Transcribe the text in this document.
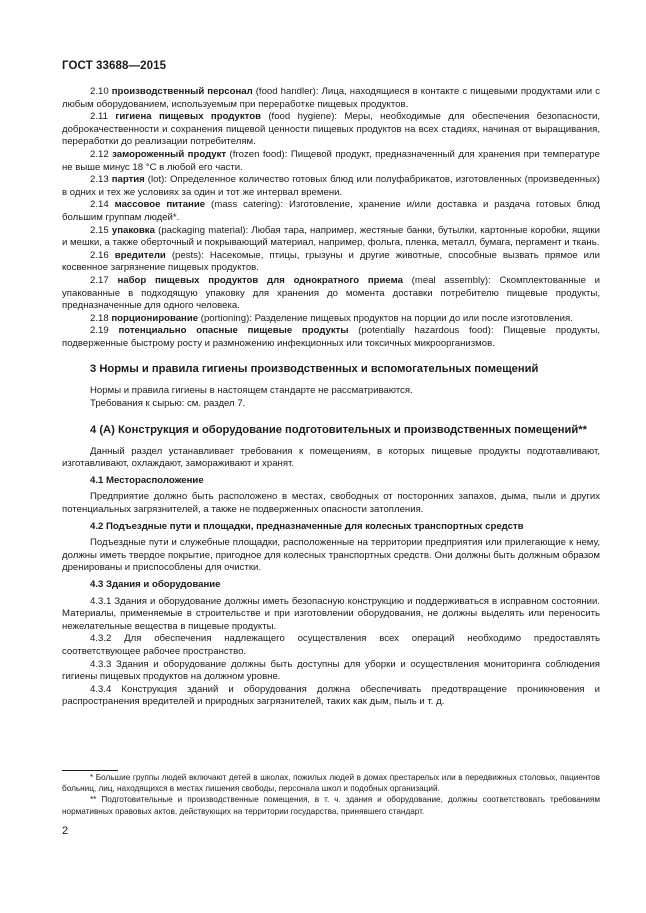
ГОСТ 33688—2015

2.10 производственный персонал (food handler): Лица, находящиеся в контакте с пищевыми продуктами или с любым оборудованием, используемым при переработке пищевых продуктов.

2.11 гигиена пищевых продуктов (food hygiene): Меры, необходимые для обеспечения безопасности, доброкачественности и сохранения пищевой ценности пищевых продуктов на всех стадиях, начиная от выращивания, переработки до реализации потребителям.

2.12 замороженный продукт (frozen food): Пищевой продукт, предназначенный для хранения при температуре не выше минус 18 °С в любой его части.

2.13 партия (lot): Определенное количество готовых блюд или полуфабрикатов, изготовленных (произведенных) в одних и тех же условиях за один и тот же интервал времени.

2.14 массовое питание (mass catering): Изготовление, хранение и/или доставка и раздача готовых блюд большим группам людей*.

2.15 упаковка (packaging material): Любая тара, например, жестяные банки, бутылки, картонные коробки, ящики и мешки, а также оберточный и покрывающий материал, например, фольга, пленка, металл, бумага, пергамент и ткань.

2.16 вредители (pests): Насекомые, птицы, грызуны и другие животные, способные вызвать прямое или косвенное загрязнение пищевых продуктов.

2.17 набор пищевых продуктов для однократного приема (meal assembly): Скомплектованные и упакованные в подходящую упаковку для хранения до момента доставки потребителю пищевые продукты, предназначенные для одного человека.

2.18 порционирование (portioning): Разделение пищевых продуктов на порции до или после изготовления.

2.19 потенциально опасные пищевые продукты (potentially hazardous food): Пищевые продукты, подверженные быстрому росту и размножению инфекционных или токсичных микроорганизмов.

3 Нормы и правила гигиены производственных и вспомогательных помещений

Нормы и правила гигиены в настоящем стандарте не рассматриваются.

Требования к сырью: см. раздел 7.

4 (А) Конструкция и оборудование подготовительных и производственных помещений**

Данный раздел устанавливает требования к помещениям, в которых пищевые продукты подготавливают, изготавливают, охлаждают, замораживают и хранят.

4.1 Месторасположение

Предприятие должно быть расположено в местах, свободных от посторонних запахов, дыма, пыли и других потенциальных загрязнителей, а также не подверженных опасности затопления.

4.2 Подъездные пути и площадки, предназначенные для колесных транспортных средств

Подъездные пути и служебные площадки, расположенные на территории предприятия или прилегающие к нему, должны иметь твердое покрытие, пригодное для колесных транспортных средств. Они должны быть должным образом дренированы и приспособлены для очистки.

4.3 Здания и оборудование

4.3.1 Здания и оборудование должны иметь безопасную конструкцию и поддерживаться в исправном состоянии. Материалы, применяемые в строительстве и при изготовлении оборудования, не должны выделять или переносить нежелательные вещества в пищевые продукты.

4.3.2 Для обеспечения надлежащего осуществления всех операций необходимо предоставлять соответствующее рабочее пространство.

4.3.3 Здания и оборудование должны быть доступны для уборки и осуществления мониторинга соблюдения гигиены пищевых продуктов на должном уровне.

4.3.4 Конструкция зданий и оборудования должна обеспечивать предотвращение проникновения и распространения вредителей и природных загрязнителей, таких как дым, пыль и т. д.

* Большие группы людей включают детей в школах, пожилых людей в домах престарелых или в передвижных столовых, пациентов больниц, лиц, находящихся в местах лишения свободы, персонала школ и подобных организаций.

** Подготовительные и производственные помещения, в т. ч. здания и оборудование, должны соответствовать требованиям нормативных правовых актов, действующих на территории государства, принявшего стандарт.

2
